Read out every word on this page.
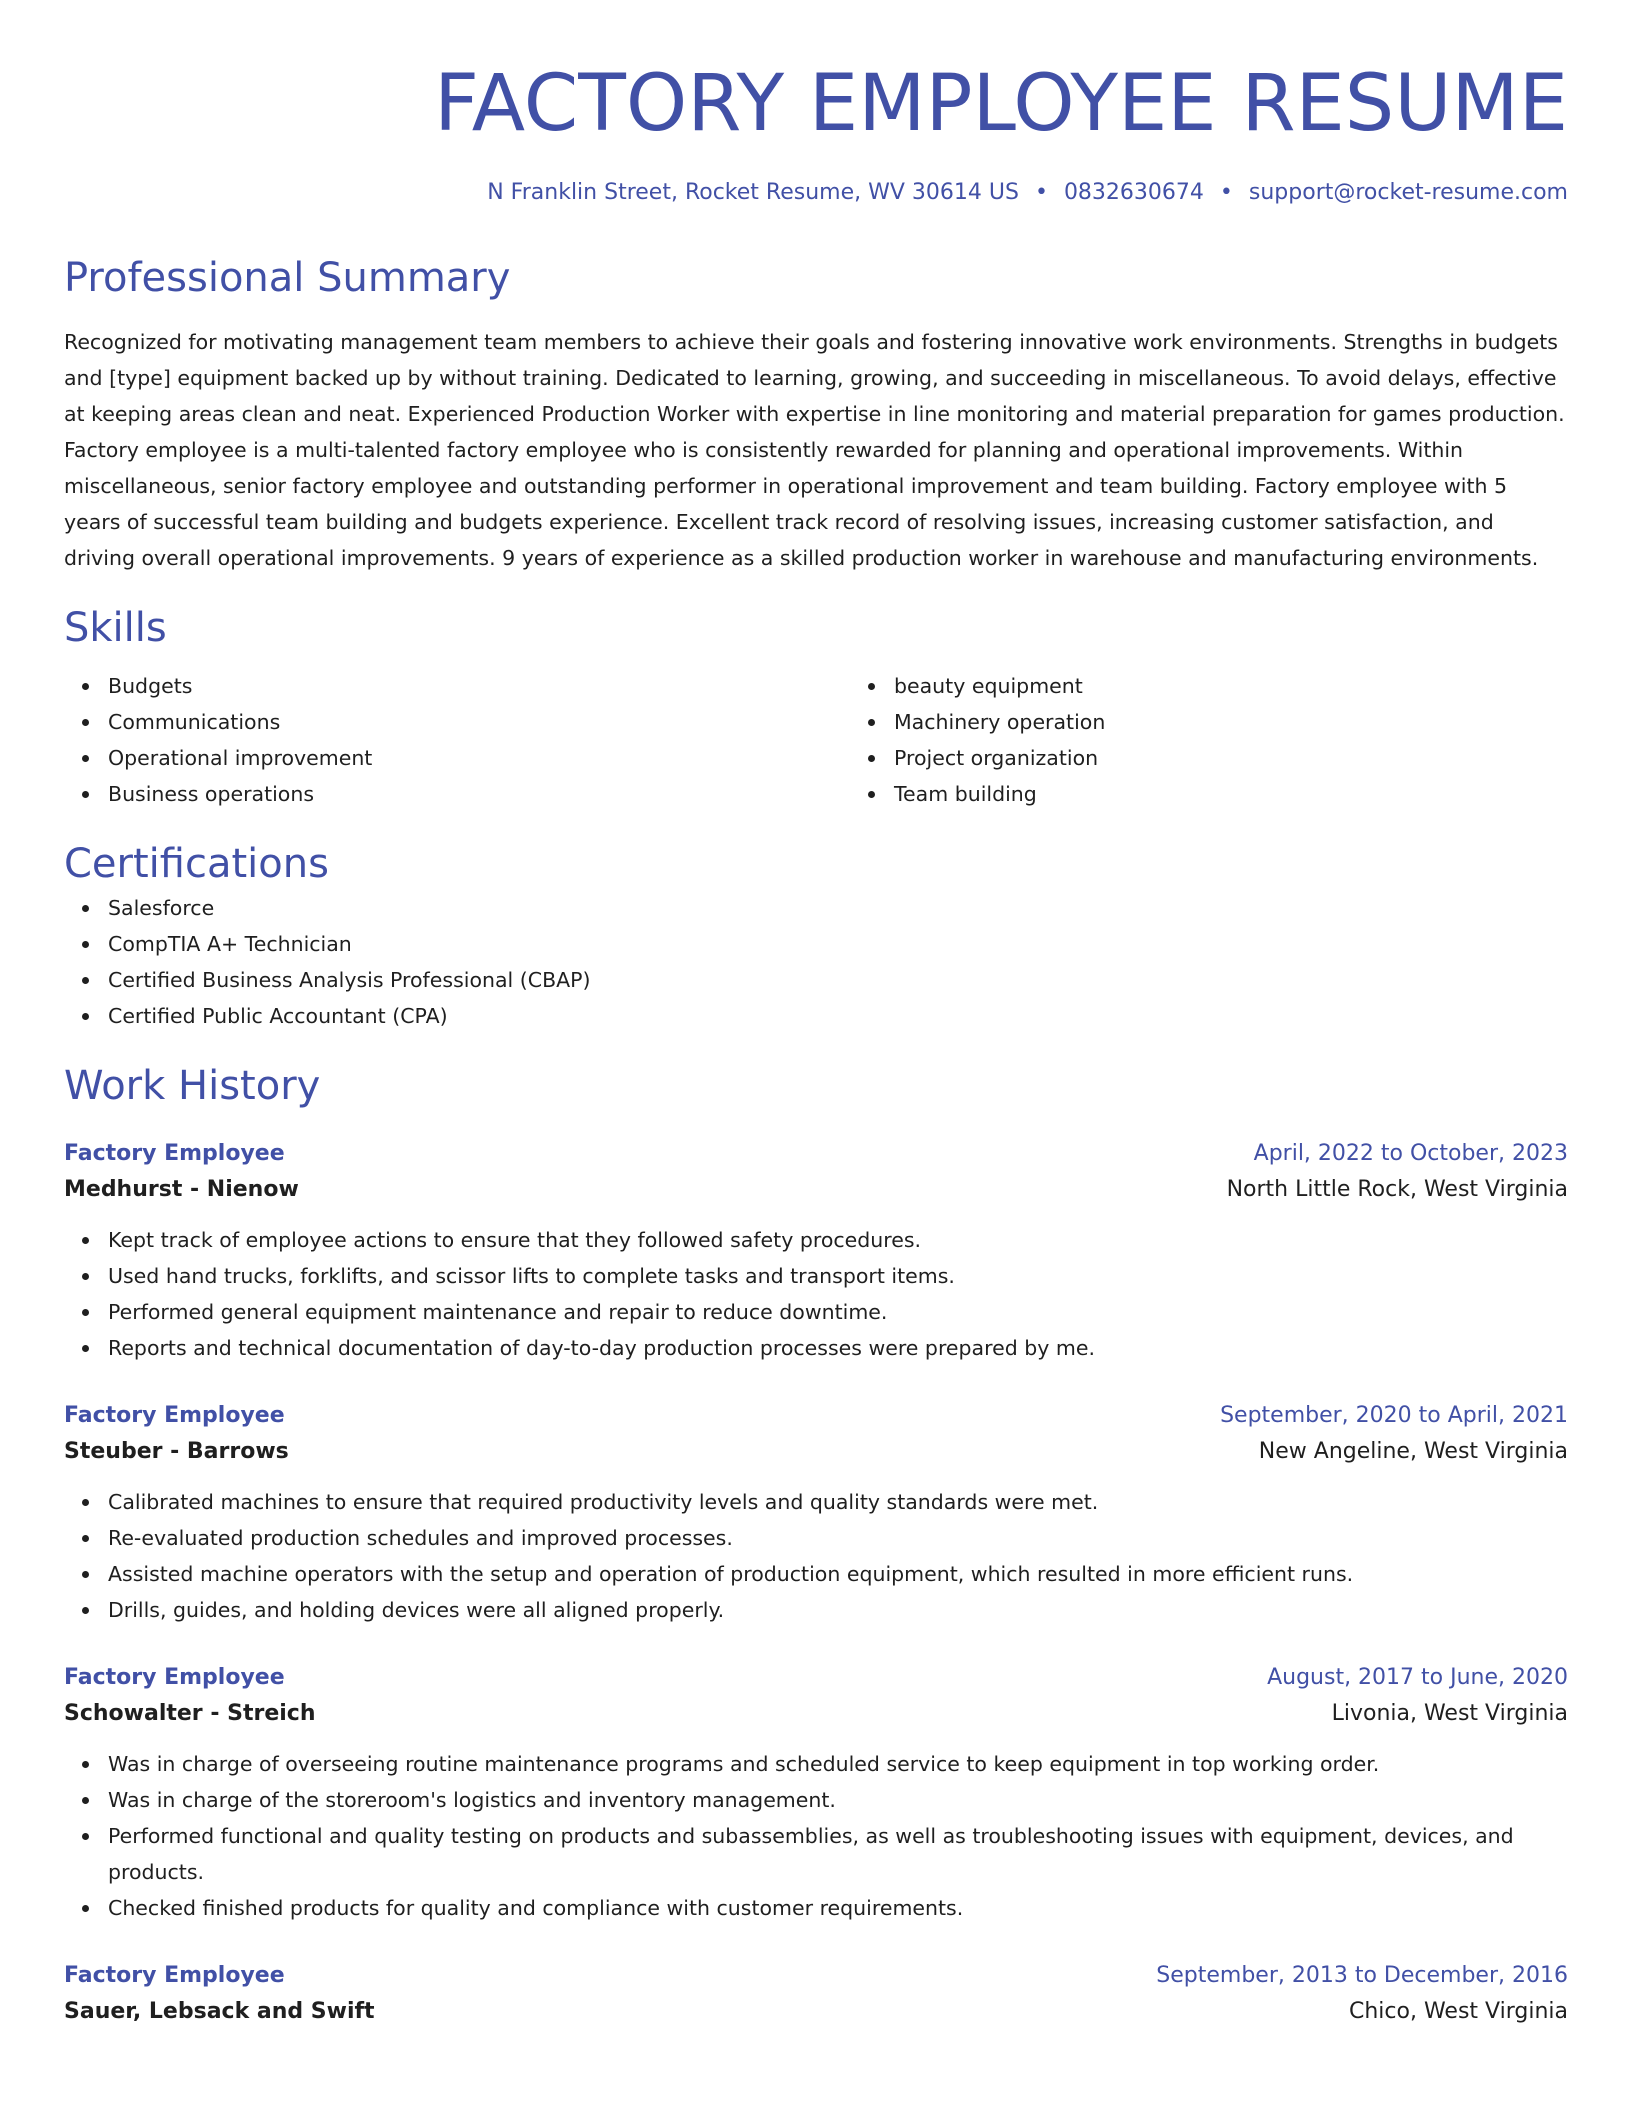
FACTORY EMPLOYEE RESUME
N Franklin Street, Rocket Resume, WV 30614 US • 0832630674 • support@rocket-resume.com
Professional Summary

Recognized for motivating management team members to achieve their goals and fostering innovative work environments. Strengths in budgets and [type] equipment backed up by without training. Dedicated to learning, growing, and succeeding in miscellaneous. To avoid delays, effective at keeping areas clean and neat. Experienced Production Worker with expertise in line monitoring and material preparation for games production. Factory employee is a multi-talented factory employee who is consistently rewarded for planning and operational improvements. Within miscellaneous, senior factory employee and outstanding performer in operational improvement and team building. Factory employee with 5 years of successful team building and budgets experience. Excellent track record of resolving issues, increasing customer satisfaction, and driving overall operational improvements. 9 years of experience as a skilled production worker in warehouse and manufacturing environments.

Skills
Budgets
Communications
Operational improvement
Business operations
beauty equipment
Machinery operation
Project organization
Team building
Certifications
Salesforce
CompTIA A+ Technician
Certified Business Analysis Professional (CBAP)
Certified Public Accountant (CPA)
Work History
Factory Employee	April, 2022 to October, 2023
Medhurst - Nienow	North Little Rock, West Virginia
Kept track of employee actions to ensure that they followed safety procedures.
Used hand trucks, forklifts, and scissor lifts to complete tasks and transport items.
Performed general equipment maintenance and repair to reduce downtime.
Reports and technical documentation of day-to-day production processes were prepared by me.
Factory Employee	September, 2020 to April, 2021
Steuber - Barrows	New Angeline, West Virginia
Calibrated machines to ensure that required productivity levels and quality standards were met.
Re-evaluated production schedules and improved processes.
Assisted machine operators with the setup and operation of production equipment, which resulted in more efficient runs.
Drills, guides, and holding devices were all aligned properly.
Factory Employee	August, 2017 to June, 2020
Schowalter - Streich	Livonia, West Virginia
Was in charge of overseeing routine maintenance programs and scheduled service to keep equipment in top working order.
Was in charge of the storeroom's logistics and inventory management.
Performed functional and quality testing on products and subassemblies, as well as troubleshooting issues with equipment, devices, and products.
Checked finished products for quality and compliance with customer requirements.
Factory Employee	September, 2013 to December, 2016
Sauer, Lebsack and Swift	Chico, West Virginia
